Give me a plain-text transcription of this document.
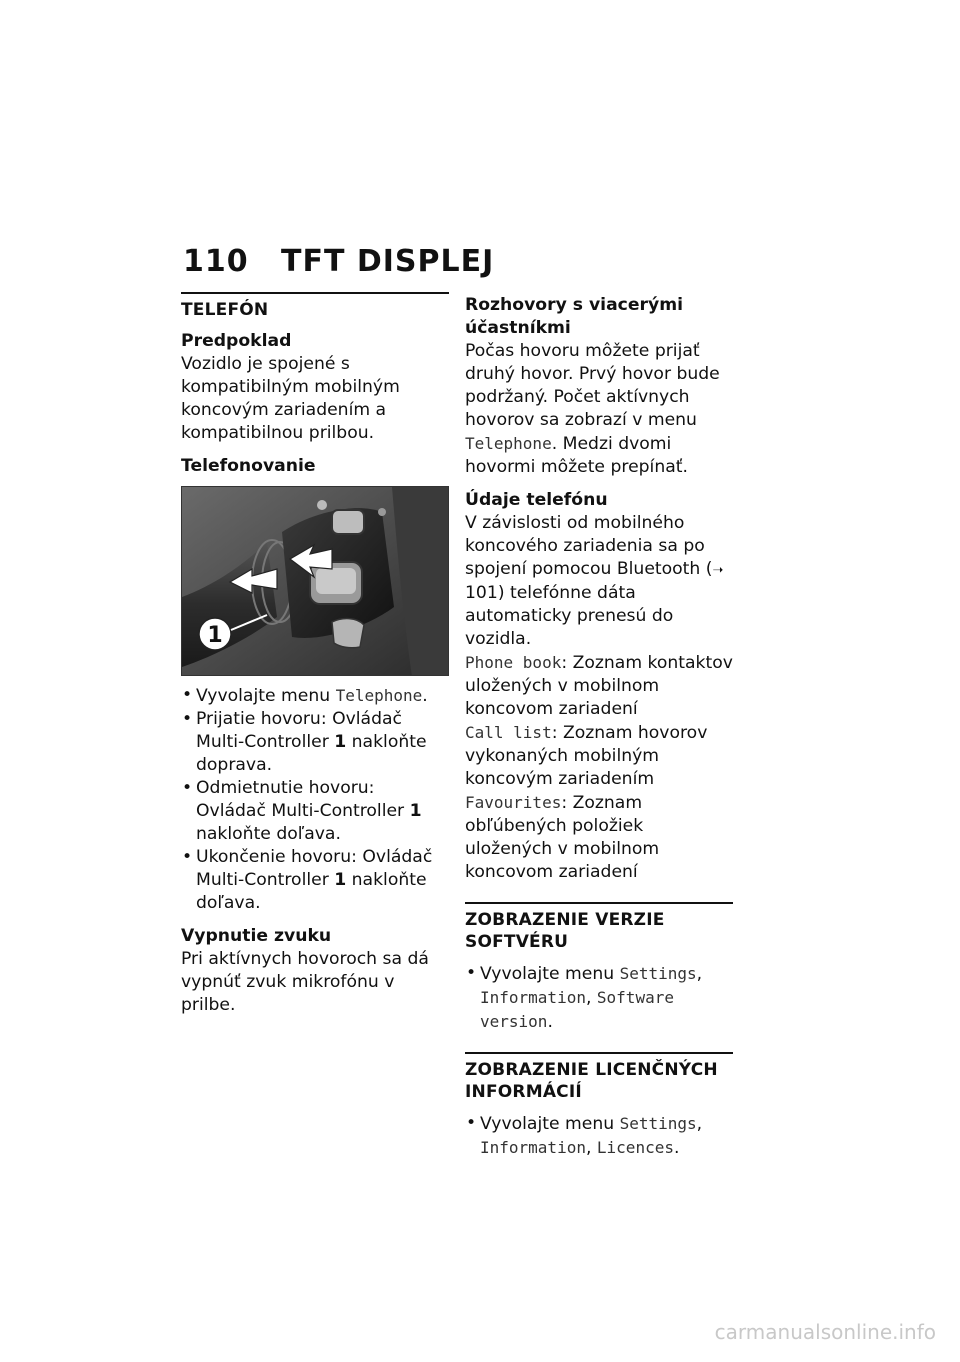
110 TFT DISPLEJ
TELEFÓN
Predpoklad
Vozidlo je spojené s kompatibilným mobilným koncovým zariadením a kompatibilnou prilbou.
Telefonovanie
1
• Vyvolajte menu Telephone.
• Prijatie hovoru: Ovládač Multi-Controller 1 nakloňte doprava.
• Odmietnutie hovoru: Ovládač Multi-Controller 1 nakloňte doľava.
• Ukončenie hovoru: Ovládač Multi-Controller 1 nakloňte doľava.
Vypnutie zvuku
Pri aktívnych hovoroch sa dá vypnúť zvuk mikrofónu v prilbe.
Rozhovory s viacerými účastníkmi
Počas hovoru môžete prijať druhý hovor. Prvý hovor bude podržaný. Počet aktívnych hovorov sa zobrazí v menu Telephone. Medzi dvomi hovormi môžete prepínať.
Údaje telefónu
V závislosti od mobilného koncového zariadenia sa po spojení pomocou Bluetooth (➝ 101) telefónne dáta automaticky prenesú do vozidla.
Phone book: Zoznam kontaktov uložených v mobilnom koncovom zariadení
Call list: Zoznam hovorov vykonaných mobilným koncovým zariadením
Favourites: Zoznam obľúbených položiek uložených v mobilnom koncovom zariadení
ZOBRAZENIE VERZIE SOFTVÉRU
• Vyvolajte menu Settings, Information, Software version.
ZOBRAZENIE LICENČNÝCH INFORMÁCIÍ
• Vyvolajte menu Settings, Information, Licences.
carmanualsonline.info
